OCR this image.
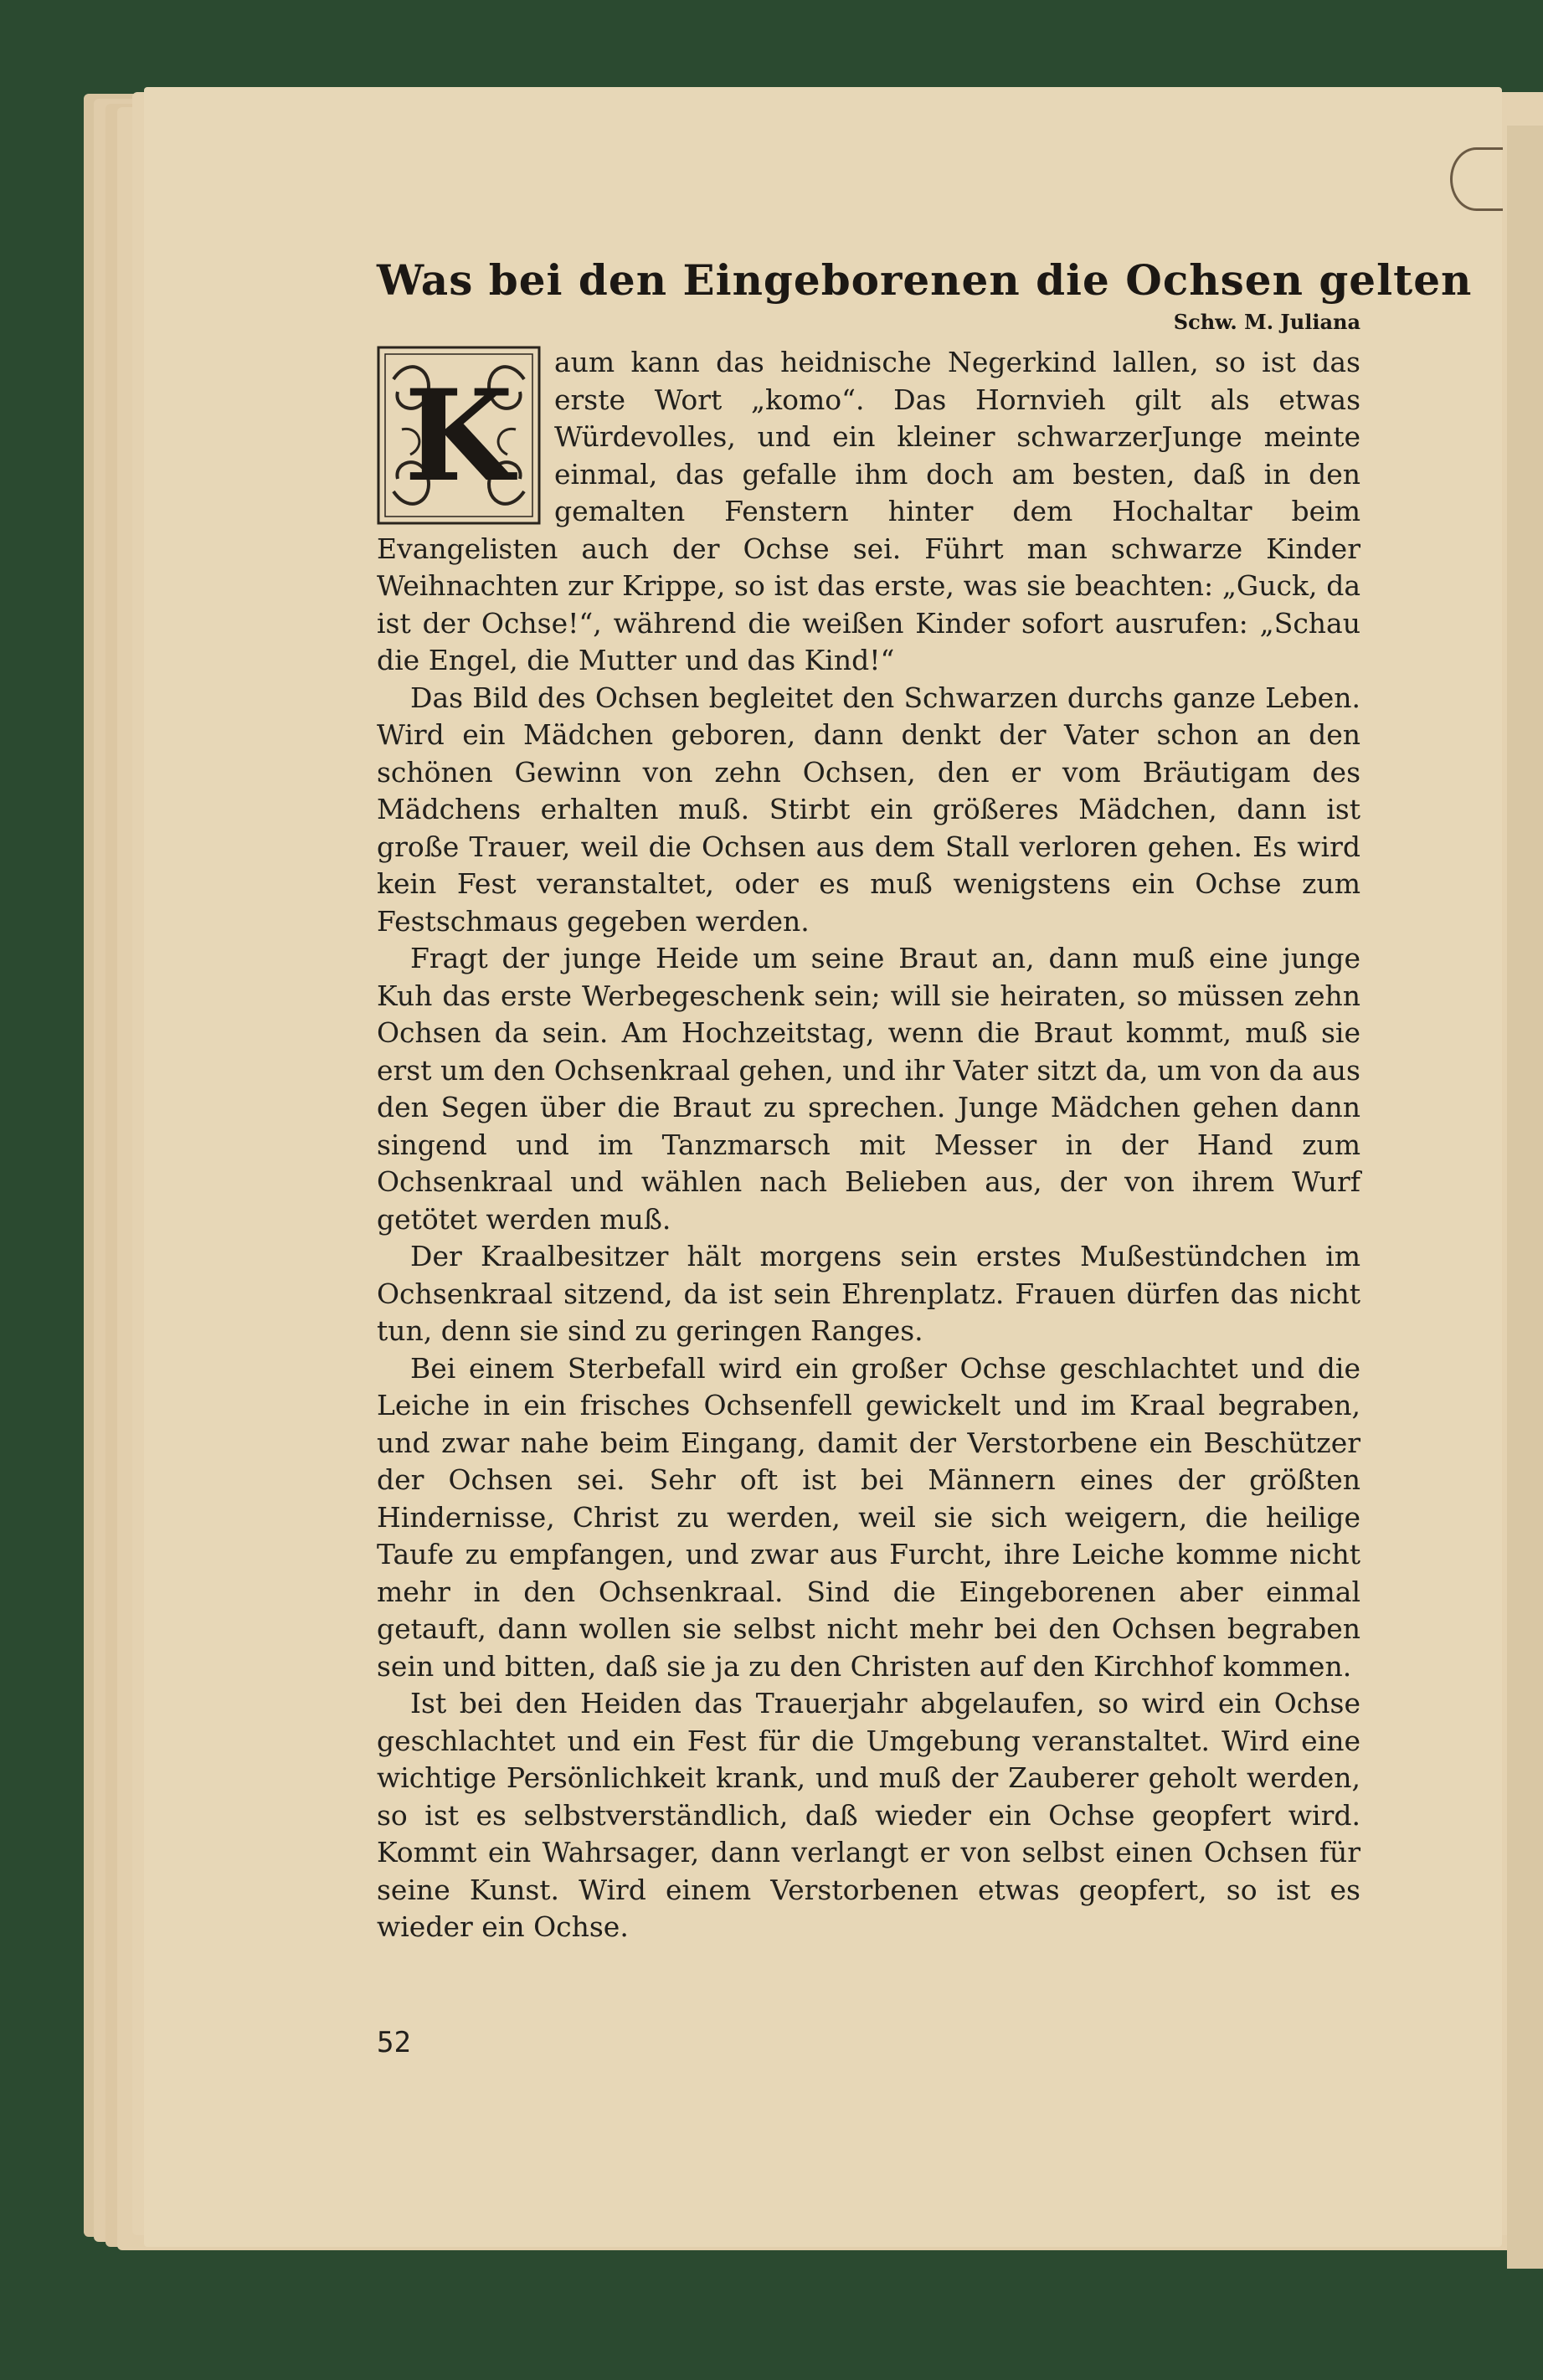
Was bei den Eingeborenen die Ochsen gelten
Schw. M. Juliana

K
aum kann das heidnische Negerkind lallen, so ist das erste Wort „komo“. Das Hornvieh gilt als etwas Würdevolles, und ein kleiner schwarzerJunge meinte einmal, das gefalle ihm doch am besten, daß in den gemalten Fenstern hinter dem Hochaltar beim Evangelisten auch der Ochse sei. Führt man schwarze Kinder Weihnachten zur Krippe, so ist das erste, was sie beachten: „Guck, da ist der Ochse!“, während die weißen Kinder sofort ausrufen: „Schau die Engel, die Mutter und das Kind!“

Das Bild des Ochsen begleitet den Schwarzen durchs ganze Leben. Wird ein Mädchen geboren, dann denkt der Vater schon an den schönen Gewinn von zehn Ochsen, den er vom Bräutigam des Mädchens erhalten muß. Stirbt ein größeres Mädchen, dann ist große Trauer, weil die Ochsen aus dem Stall verloren gehen. Es wird kein Fest veranstaltet, oder es muß wenigstens ein Ochse zum Festschmaus gegeben werden.

Fragt der junge Heide um seine Braut an, dann muß eine junge Kuh das erste Werbegeschenk sein; will sie heiraten, so müssen zehn Ochsen da sein. Am Hochzeitstag, wenn die Braut kommt, muß sie erst um den Ochsenkraal gehen, und ihr Vater sitzt da, um von da aus den Segen über die Braut zu sprechen. Junge Mädchen gehen dann singend und im Tanzmarsch mit Messer in der Hand zum Ochsenkraal und wählen nach Belieben aus, der von ihrem Wurf getötet werden muß.

Der Kraalbesitzer hält morgens sein erstes Mußestündchen im Ochsenkraal sitzend, da ist sein Ehrenplatz. Frauen dürfen das nicht tun, denn sie sind zu geringen Ranges.

Bei einem Sterbefall wird ein großer Ochse geschlachtet und die Leiche in ein frisches Ochsenfell gewickelt und im Kraal begraben, und zwar nahe beim Eingang, damit der Verstorbene ein Beschützer der Ochsen sei. Sehr oft ist bei Männern eines der größten Hindernisse, Christ zu werden, weil sie sich weigern, die heilige Taufe zu empfangen, und zwar aus Furcht, ihre Leiche komme nicht mehr in den Ochsenkraal. Sind die Eingeborenen aber einmal getauft, dann wollen sie selbst nicht mehr bei den Ochsen begraben sein und bitten, daß sie ja zu den Christen auf den Kirchhof kommen.

Ist bei den Heiden das Trauerjahr abgelaufen, so wird ein Ochse geschlachtet und ein Fest für die Umgebung veranstaltet. Wird eine wichtige Persönlichkeit krank, und muß der Zauberer geholt werden, so ist es selbstverständlich, daß wieder ein Ochse geopfert wird. Kommt ein Wahrsager, dann verlangt er von selbst einen Ochsen für seine Kunst. Wird einem Verstorbenen etwas geopfert, so ist es wieder ein Ochse.

52
